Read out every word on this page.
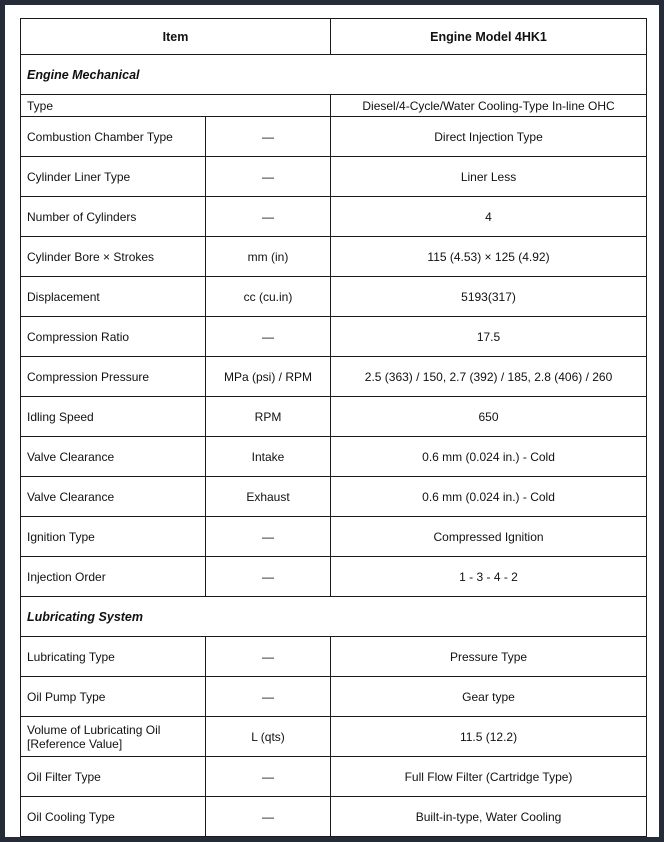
Item		Engine Model 4HK1
Engine Mechanical		
Type		Diesel/4-Cycle/Water Cooling-Type In-line OHC
Combustion Chamber Type	—	Direct Injection Type
Cylinder Liner Type	—	Liner Less
Number of Cylinders	—	4
Cylinder Bore × Strokes	mm (in)	115 (4.53) × 125 (4.92)
Displacement	cc (cu.in)	5193(317)
Compression Ratio	—	17.5
Compression Pressure	MPa (psi) / RPM	2.5 (363) / 150, 2.7 (392) / 185, 2.8 (406) / 260
Idling Speed	RPM	650
Valve Clearance	Intake	0.6 mm (0.024 in.) - Cold
Valve Clearance	Exhaust	0.6 mm (0.024 in.) - Cold
Ignition Type	—	Compressed Ignition
Injection Order	—	1 - 3 - 4 - 2
Lubricating System		
Lubricating Type	—	Pressure Type
Oil Pump Type	—	Gear type
Volume of Lubricating Oil [Reference Value]	L (qts)	11.5 (12.2)
Oil Filter Type	—	Full Flow Filter (Cartridge Type)
Oil Cooling Type	—	Built-in-type, Water Cooling
